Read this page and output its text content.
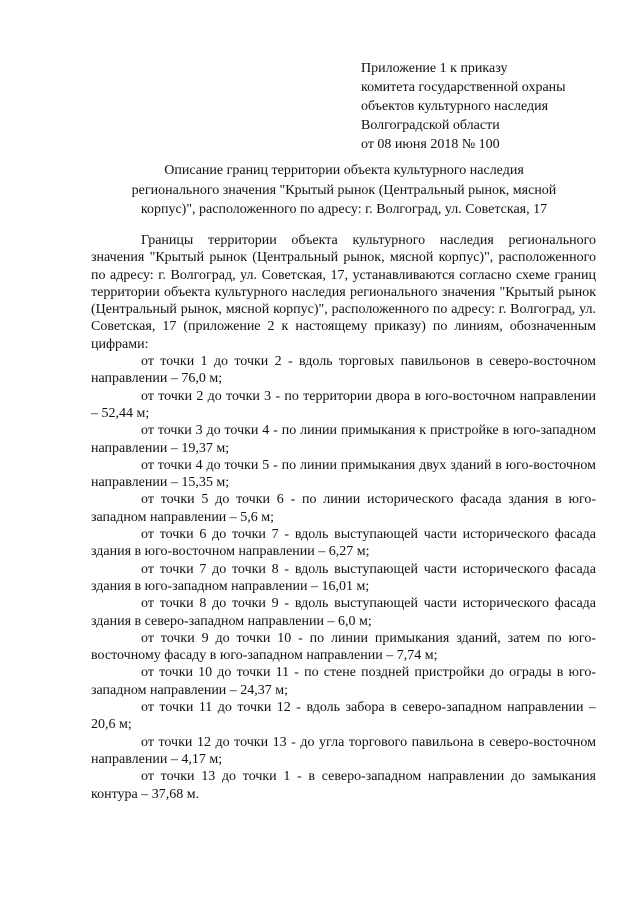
Приложение 1 к приказу
комитета государственной охраны
объектов культурного наследия
Волгоградской области
от 08 июня 2018 № 100
Описание границ территории объекта культурного наследия
регионального значения "Крытый рынок (Центральный рынок, мясной
корпус)", расположенного по адресу: г. Волгоград, ул. Советская, 17

Границы территории объекта культурного наследия регионального значения "Крытый рынок (Центральный рынок, мясной корпус)", расположенного по адресу: г. Волгоград, ул. Советская, 17, устанавливаются согласно схеме границ территории объекта культурного наследия регионального значения "Крытый рынок (Центральный рынок, мясной корпус)", расположенного по адресу: г. Волгоград, ул. Советская, 17 (приложение 2 к настоящему приказу) по линиям, обозначенным цифрами:

от точки 1 до точки 2 - вдоль торговых павильонов в северо-восточном направлении – 76,0 м;

от точки 2 до точки 3 - по территории двора в юго-восточном направлении – 52,44 м;

от точки 3 до точки 4 - по линии примыкания к пристройке в юго-западном направлении – 19,37 м;

от точки 4 до точки 5 - по линии примыкания двух зданий в юго-восточном направлении – 15,35 м;

от точки 5 до точки 6 - по линии исторического фасада здания в юго-западном направлении – 5,6 м;

от точки 6 до точки 7 - вдоль выступающей части исторического фасада здания в юго-восточном направлении – 6,27 м;

от точки 7 до точки 8 - вдоль выступающей части исторического фасада здания в юго-западном направлении – 16,01 м;

от точки 8 до точки 9 - вдоль выступающей части исторического фасада здания в северо-западном направлении – 6,0 м;

от точки 9 до точки 10 - по линии примыкания зданий, затем по юго-восточному фасаду в юго-западном направлении – 7,74 м;

от точки 10 до точки 11 - по стене поздней пристройки до ограды в юго-западном направлении – 24,37 м;

от точки 11 до точки 12 - вдоль забора в северо-западном направлении – 20,6 м;

от точки 12 до точки 13 - до угла торгового павильона в северо-восточном направлении – 4,17 м;

от точки 13 до точки 1 - в северо-западном направлении до замыкания контура – 37,68 м.
